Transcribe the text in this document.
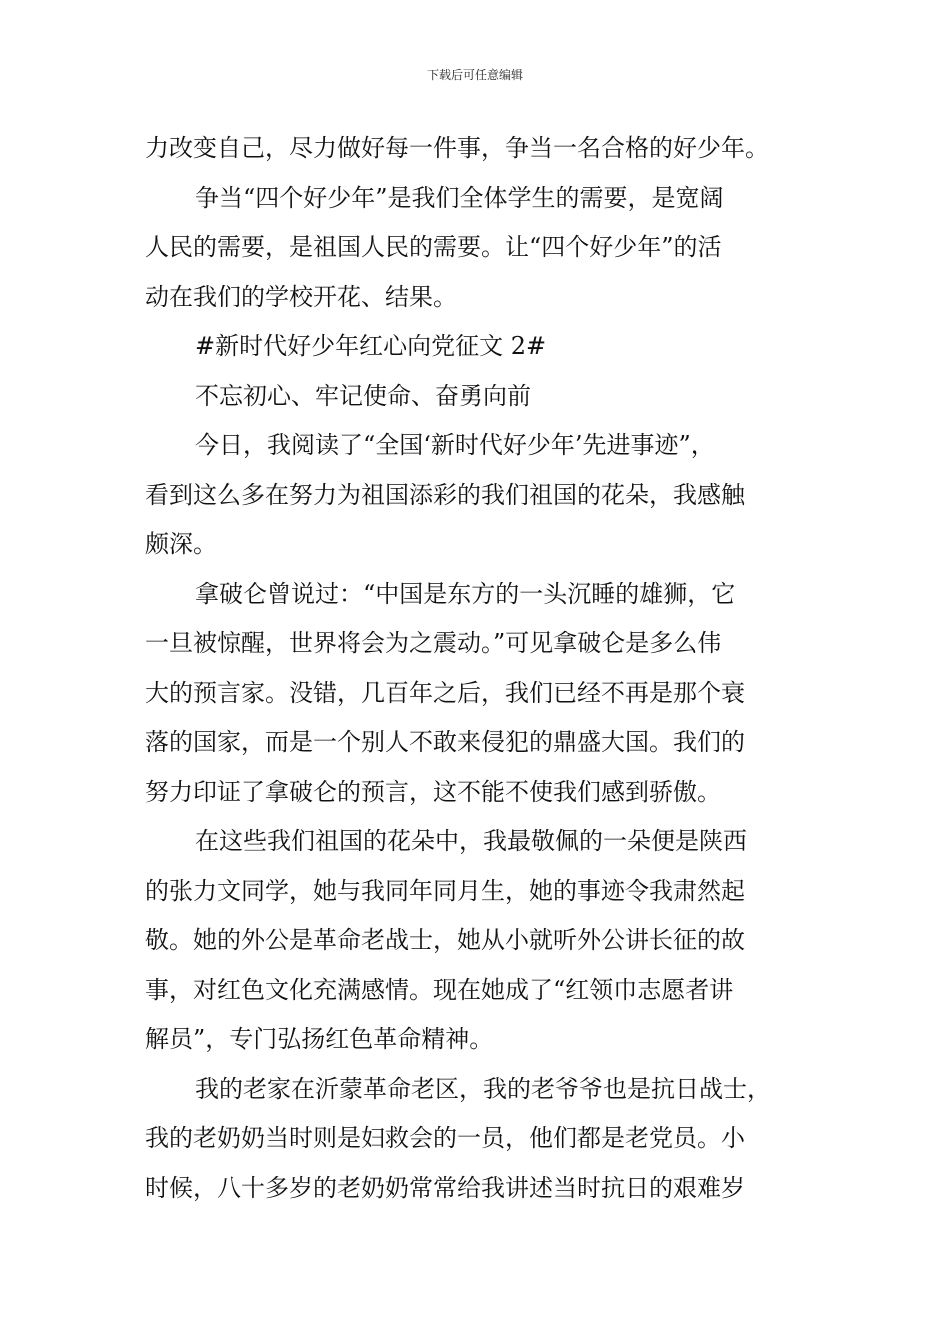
下载后可任意编辑
力改变自己，尽力做好每一件事，争当一名合格的好少年。
争当“四个好少年”是我们全体学生的需要，是宽阔
人民的需要，是祖国人民的需要。让“四个好少年”的活
动在我们的学校开花、结果。
#新时代好少年红心向党征文 2#
不忘初心、牢记使命、奋勇向前
今日，我阅读了“全国‘新时代好少年’先进事迹”，
看到这么多在努力为祖国添彩的我们祖国的花朵，我感触
颇深。
拿破仑曾说过：“中国是东方的一头沉睡的雄狮，它
一旦被惊醒，世界将会为之震动。”可见拿破仑是多么伟
大的预言家。没错，几百年之后，我们已经不再是那个衰
落的国家，而是一个别人不敢来侵犯的鼎盛大国。我们的
努力印证了拿破仑的预言，这不能不使我们感到骄傲。
在这些我们祖国的花朵中，我最敬佩的一朵便是陕西
的张力文同学，她与我同年同月生，她的事迹令我肃然起
敬。她的外公是革命老战士，她从小就听外公讲长征的故
事，对红色文化充满感情。现在她成了“红领巾志愿者讲
解员”，专门弘扬红色革命精神。
我的老家在沂蒙革命老区，我的老爷爷也是抗日战士，
我的老奶奶当时则是妇救会的一员，他们都是老党员。小
时候，八十多岁的老奶奶常常给我讲述当时抗日的艰难岁
